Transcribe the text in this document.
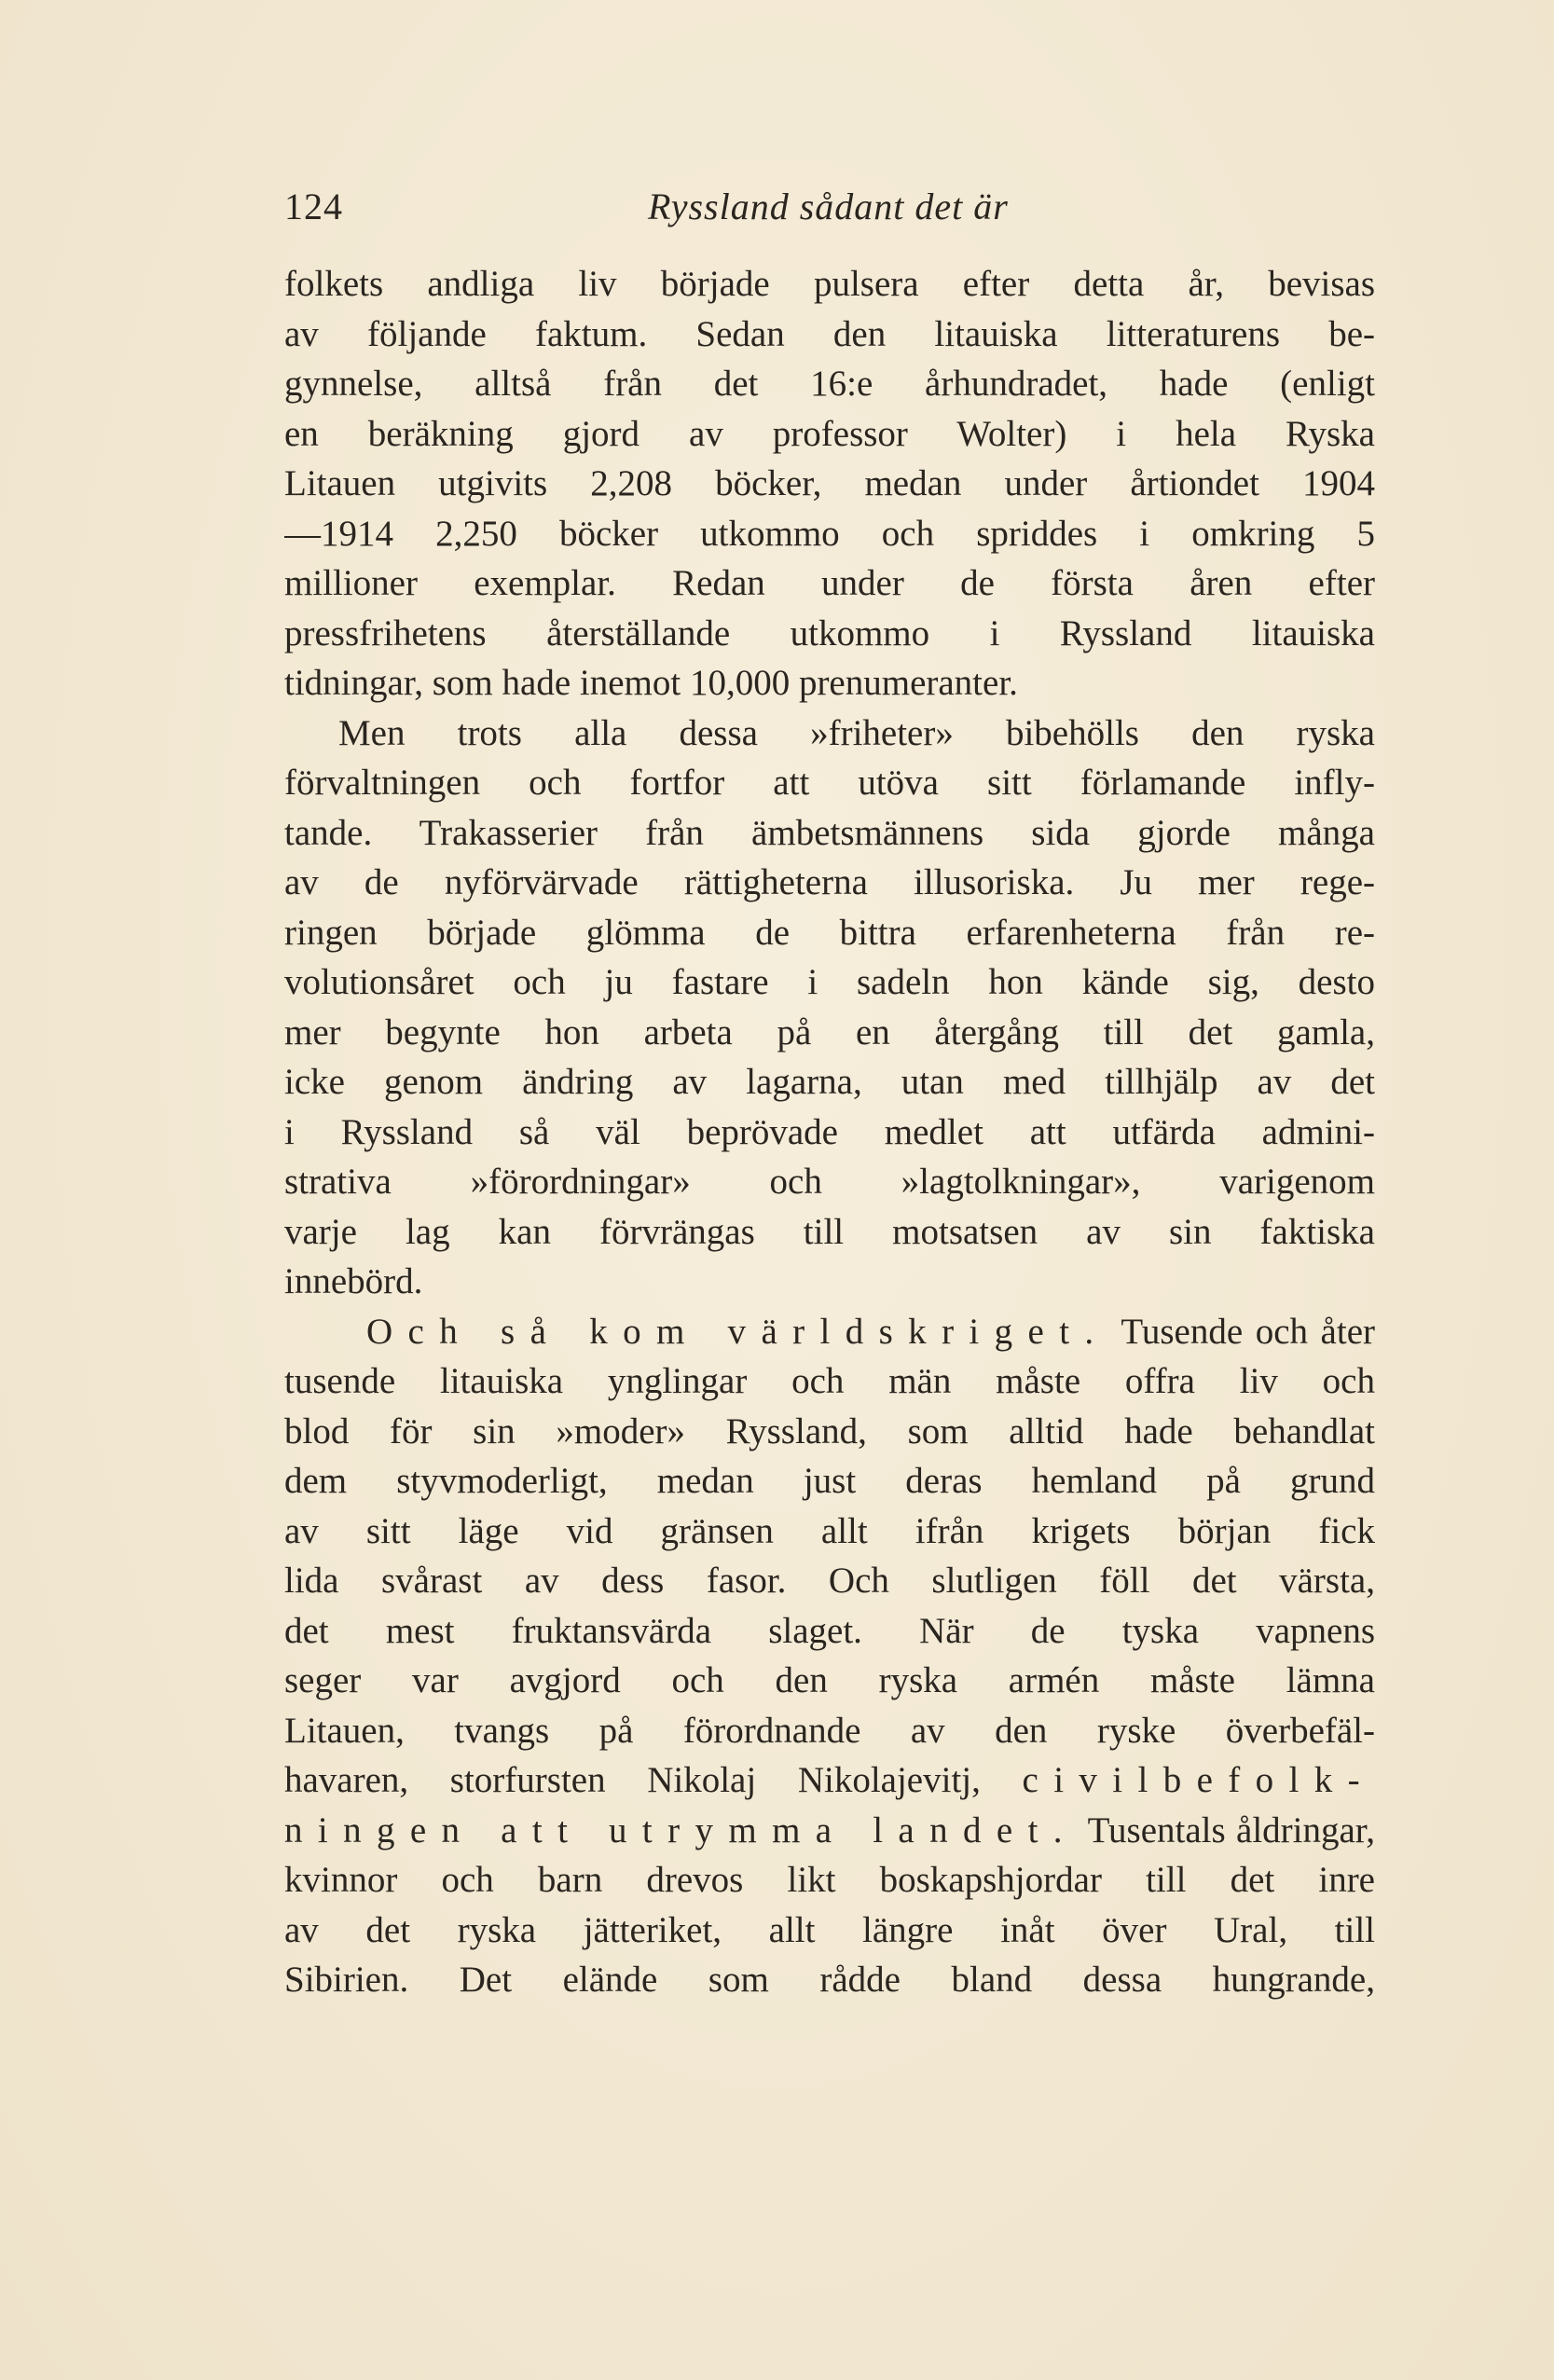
124	Ryssland sådant det är
folkets andliga liv började pulsera efter detta år, bevisas
av följande faktum. Sedan den litauiska litteraturens be-
gynnelse, alltså från det 16:e århundradet, hade (enligt
en beräkning gjord av professor Wolter) i hela Ryska
Litauen utgivits 2,208 böcker, medan under årtiondet 1904
—1914 2,250 böcker utkommo och spriddes i omkring 5
millioner exemplar. Redan under de första åren efter
pressfrihetens återställande utkommo i Ryssland litauiska
tidningar, som hade inemot 10,000 prenumeranter.
Men trots alla dessa »friheter» bibehölls den ryska
förvaltningen och fortfor att utöva sitt förlamande infly-
tande. Trakasserier från ämbetsmännens sida gjorde många
av de nyförvärvade rättigheterna illusoriska. Ju mer rege-
ringen började glömma de bittra erfarenheterna från re-
volutionsåret och ju fastare i sadeln hon kände sig, desto
mer begynte hon arbeta på en återgång till det gamla,
icke genom ändring av lagarna, utan med tillhjälp av det
i Ryssland så väl beprövade medlet att utfärda admini-
strativa »förordningar» och »lagtolkningar», varigenom
varje lag kan förvrängas till motsatsen av sin faktiska
innebörd.
Och så kom världskriget. Tusende och åter
tusende litauiska ynglingar och män måste offra liv och
blod för sin »moder» Ryssland, som alltid hade behandlat
dem styvmoderligt, medan just deras hemland på grund
av sitt läge vid gränsen allt ifrån krigets början fick
lida svårast av dess fasor. Och slutligen föll det värsta,
det mest fruktansvärda slaget. När de tyska vapnens
seger var avgjord och den ryska armén måste lämna
Litauen, tvangs på förordnande av den ryske överbefäl-
havaren, storfursten Nikolaj Nikolajevitj, civilbefolk-
ningen att utrymma landet. Tusentals åldringar,
kvinnor och barn drevos likt boskapshjordar till det inre
av det ryska jätteriket, allt längre inåt över Ural, till
Sibirien. Det elände som rådde bland dessa hungrande,
